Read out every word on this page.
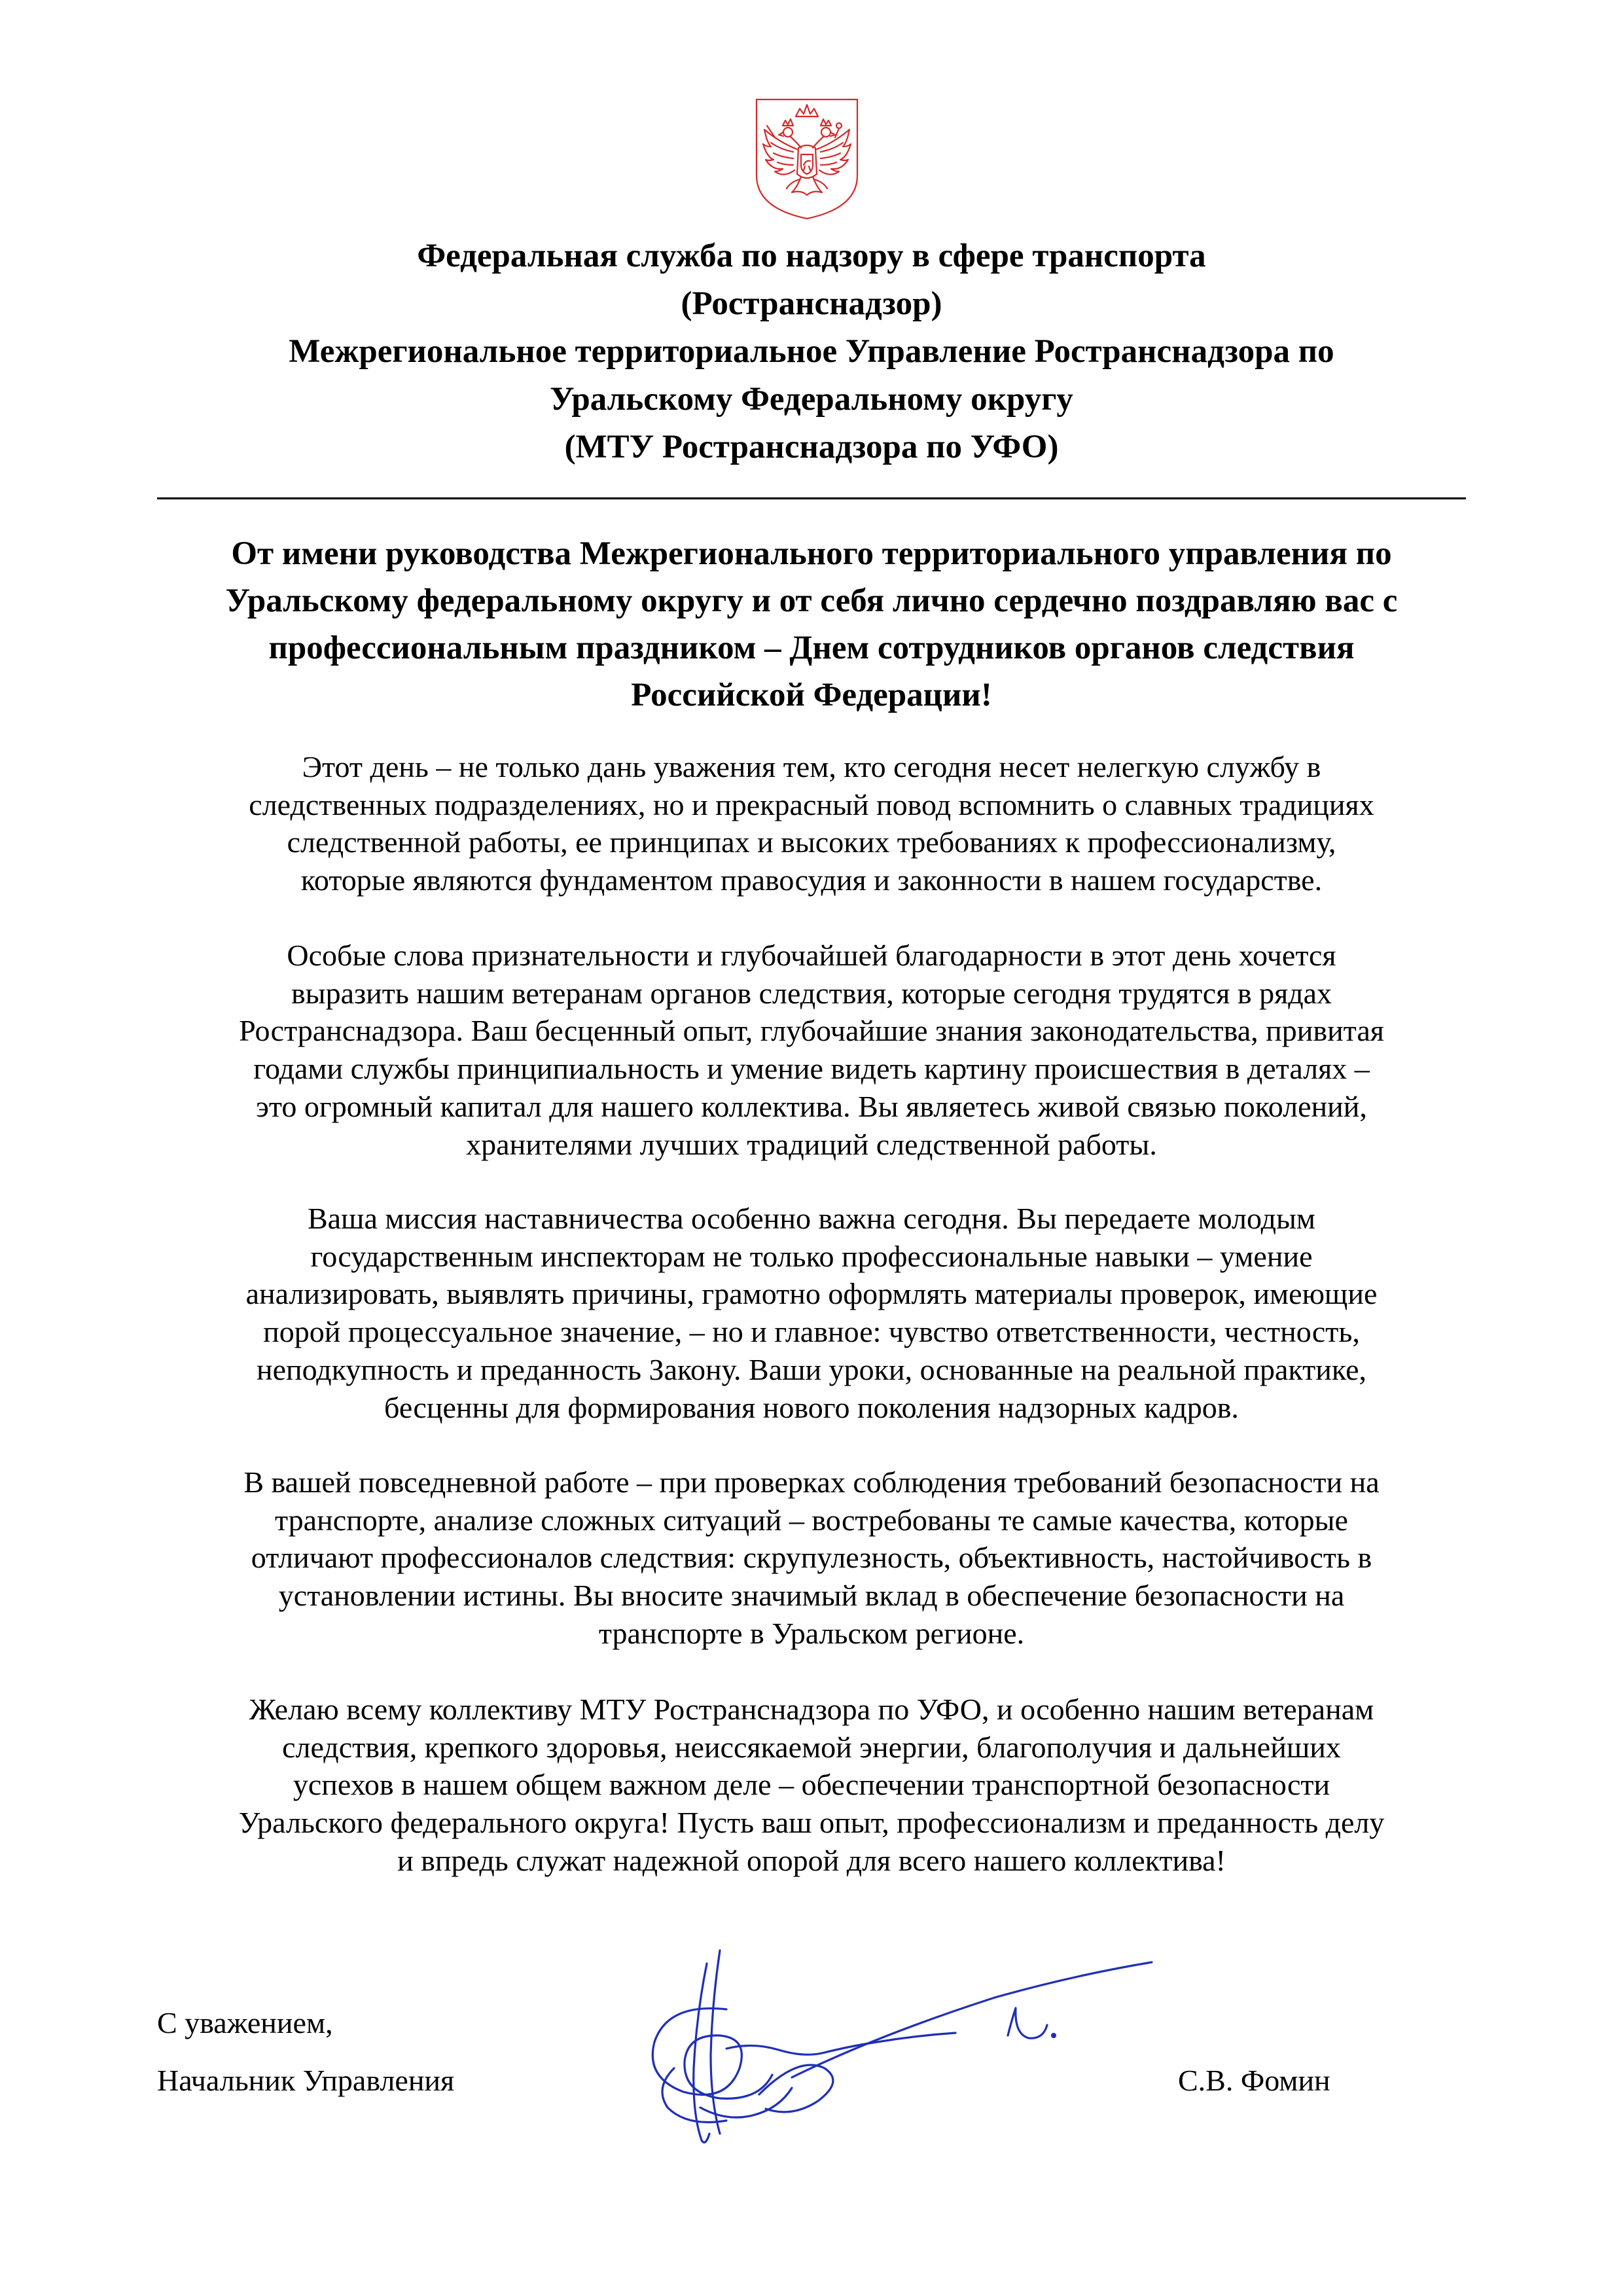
Федеральная служба по надзору в сфере транспорта
(Ространснадзор)
Межрегиональное территориальное Управление Ространснадзора по
Уральскому Федеральному округу
(МТУ Ространснадзора по УФО)
От имени руководства Межрегионального территориального управления по
Уральскому федеральному округу и от себя лично сердечно поздравляю вас с
профессиональным праздником – Днем сотрудников органов следствия
Российской Федерации!
Этот день – не только дань уважения тем, кто сегодня несет нелегкую службу в
следственных подразделениях, но и прекрасный повод вспомнить о славных традициях
следственной работы, ее принципах и высоких требованиях к профессионализму,
которые являются фундаментом правосудия и законности в нашем государстве.
Особые слова признательности и глубочайшей благодарности в этот день хочется
выразить нашим ветеранам органов следствия, которые сегодня трудятся в рядах
Ространснадзора. Ваш бесценный опыт, глубочайшие знания законодательства, привитая
годами службы принципиальность и умение видеть картину происшествия в деталях –
это огромный капитал для нашего коллектива. Вы являетесь живой связью поколений,
хранителями лучших традиций следственной работы.
Ваша миссия наставничества особенно важна сегодня. Вы передаете молодым
государственным инспекторам не только профессиональные навыки – умение
анализировать, выявлять причины, грамотно оформлять материалы проверок, имеющие
порой процессуальное значение, – но и главное: чувство ответственности, честность,
неподкупность и преданность Закону. Ваши уроки, основанные на реальной практике,
бесценны для формирования нового поколения надзорных кадров.
В вашей повседневной работе – при проверках соблюдения требований безопасности на
транспорте, анализе сложных ситуаций – востребованы те самые качества, которые
отличают профессионалов следствия: скрупулезность, объективность, настойчивость в
установлении истины. Вы вносите значимый вклад в обеспечение безопасности на
транспорте в Уральском регионе.
Желаю всему коллективу МТУ Ространснадзора по УФО, и особенно нашим ветеранам
следствия, крепкого здоровья, неиссякаемой энергии, благополучия и дальнейших
успехов в нашем общем важном деле – обеспечении транспортной безопасности
Уральского федерального округа! Пусть ваш опыт, профессионализм и преданность делу
и впредь служат надежной опорой для всего нашего коллектива!
С уважением,
Начальник Управления	С.В. Фомин
